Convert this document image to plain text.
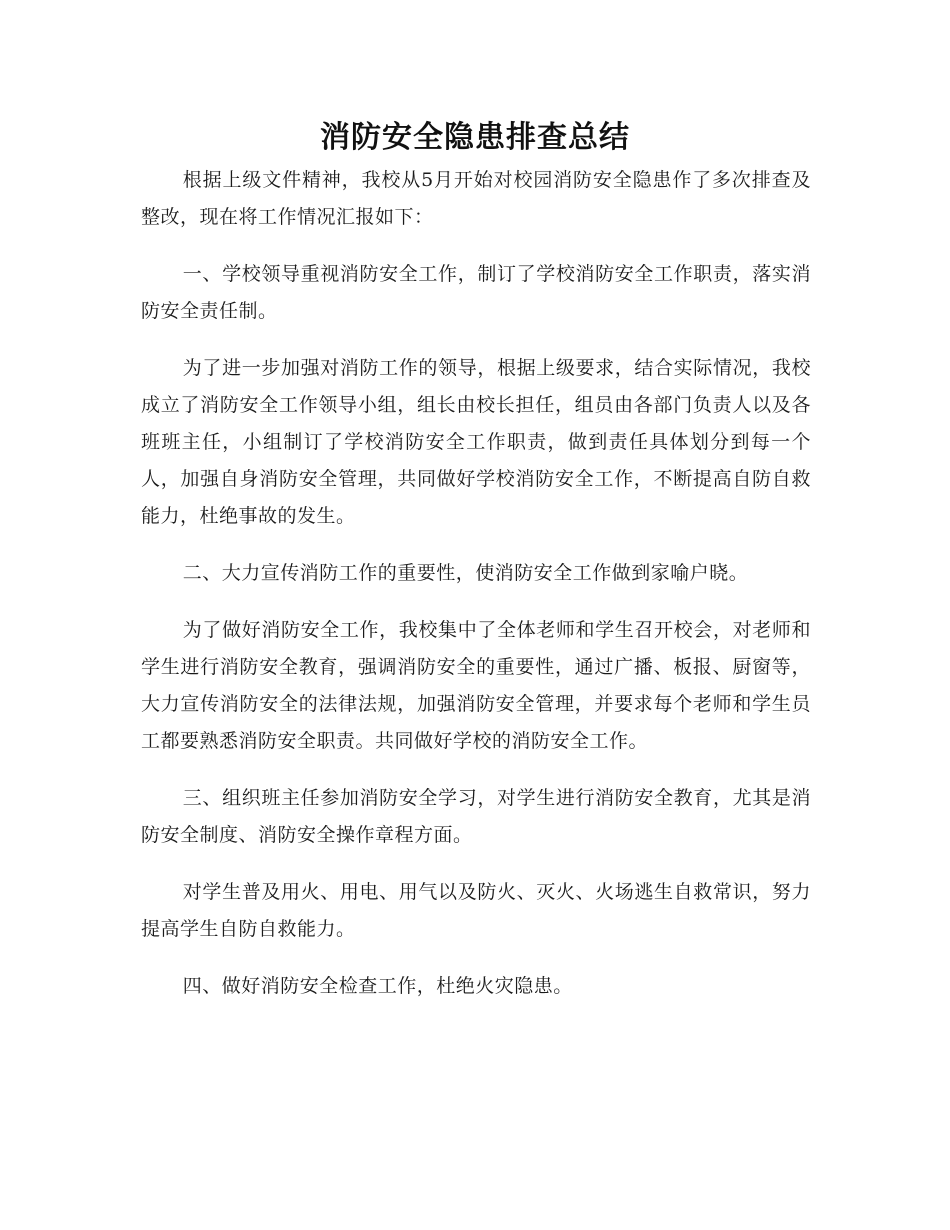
消防安全隐患排查总结

根据上级文件精神，我校从5月开始对校园消防安全隐患作了多次排查及整改，现在将工作情况汇报如下：

一、学校领导重视消防安全工作，制订了学校消防安全工作职责，落实消防安全责任制。

为了进一步加强对消防工作的领导，根据上级要求，结合实际情况，我校成立了消防安全工作领导小组，组长由校长担任，组员由各部门负责人以及各班班主任，小组制订了学校消防安全工作职责，做到责任具体划分到每一个人，加强自身消防安全管理，共同做好学校消防安全工作，不断提高自防自救能力，杜绝事故的发生。

二、大力宣传消防工作的重要性，使消防安全工作做到家喻户晓。

为了做好消防安全工作，我校集中了全体老师和学生召开校会，对老师和学生进行消防安全教育，强调消防安全的重要性，通过广播、板报、厨窗等，大力宣传消防安全的法律法规，加强消防安全管理，并要求每个老师和学生员工都要熟悉消防安全职责。共同做好学校的消防安全工作。

三、组织班主任参加消防安全学习，对学生进行消防安全教育，尤其是消防安全制度、消防安全操作章程方面。

对学生普及用火、用电、用气以及防火、灭火、火场逃生自救常识，努力提高学生自防自救能力。

四、做好消防安全检查工作，杜绝火灾隐患。
